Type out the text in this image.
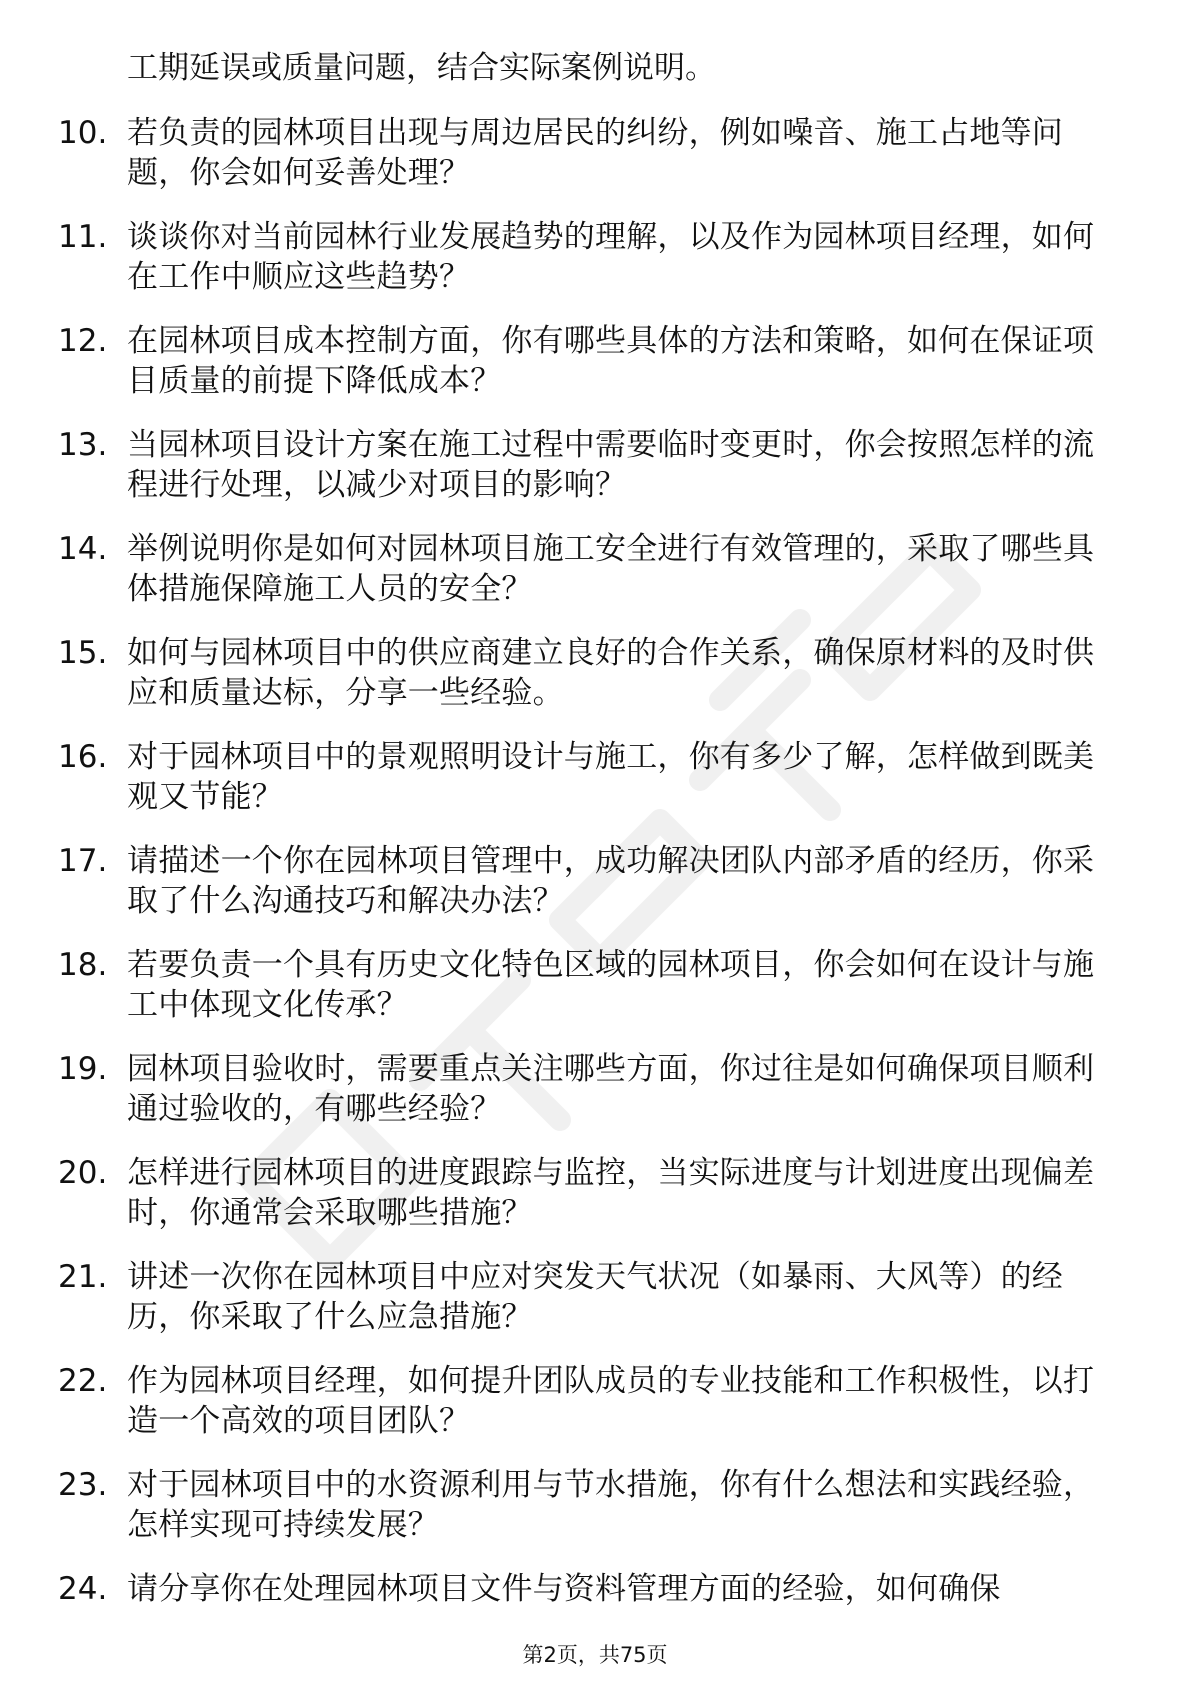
工期延误或质量问题，结合实际案例说明。
10. 若负责的园林项目出现与周边居民的纠纷，例如噪音、施工占地等问题，你会如何妥善处理？
11. 谈谈你对当前园林行业发展趋势的理解，以及作为园林项目经理，如何在工作中顺应这些趋势？
12. 在园林项目成本控制方面，你有哪些具体的方法和策略，如何在保证项目质量的前提下降低成本？
13. 当园林项目设计方案在施工过程中需要临时变更时，你会按照怎样的流程进行处理，以减少对项目的影响？
14. 举例说明你是如何对园林项目施工安全进行有效管理的，采取了哪些具体措施保障施工人员的安全？
15. 如何与园林项目中的供应商建立良好的合作关系，确保原材料的及时供应和质量达标，分享一些经验。
16. 对于园林项目中的景观照明设计与施工，你有多少了解，怎样做到既美观又节能？
17. 请描述一个你在园林项目管理中，成功解决团队内部矛盾的经历，你采取了什么沟通技巧和解决办法？
18. 若要负责一个具有历史文化特色区域的园林项目，你会如何在设计与施工中体现文化传承？
19. 园林项目验收时，需要重点关注哪些方面，你过往是如何确保项目顺利通过验收的，有哪些经验？
20. 怎样进行园林项目的进度跟踪与监控，当实际进度与计划进度出现偏差时，你通常会采取哪些措施？
21. 讲述一次你在园林项目中应对突发天气状况（如暴雨、大风等）的经历，你采取了什么应急措施？
22. 作为园林项目经理，如何提升团队成员的专业技能和工作积极性，以打造一个高效的项目团队？
23. 对于园林项目中的水资源利用与节水措施，你有什么想法和实践经验，怎样实现可持续发展？
24. 请分享你在处理园林项目文件与资料管理方面的经验，如何确保
第2页，共75页
